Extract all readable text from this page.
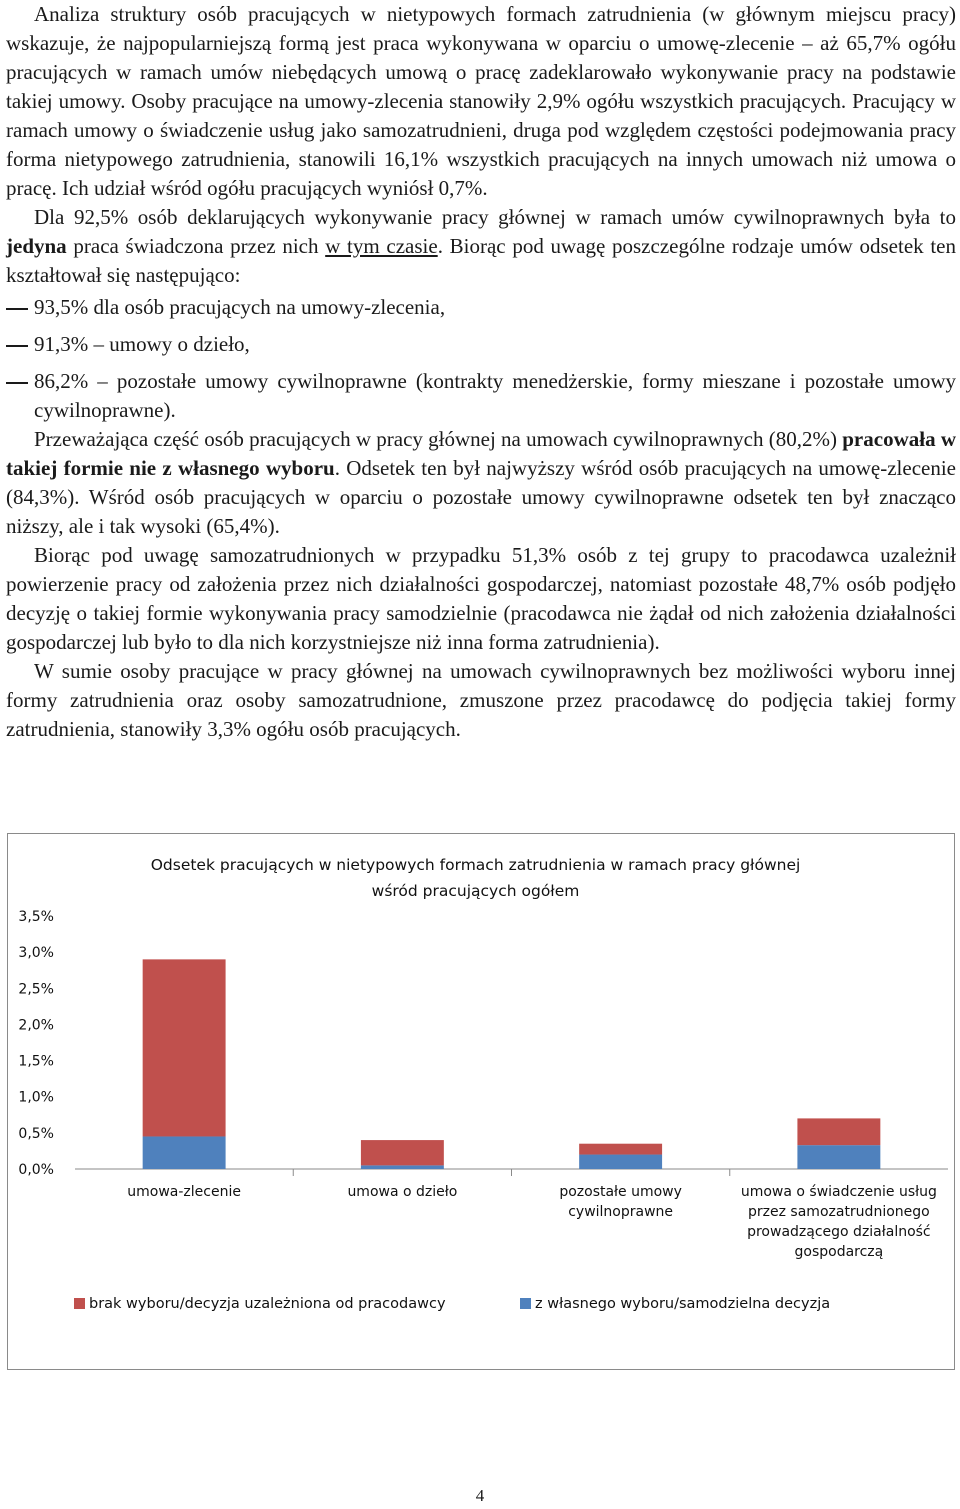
Analiza struktury osób pracujących w nietypowych formach zatrudnienia (w głównym miejscu pracy) wskazuje, że najpopularniejszą formą jest praca wykonywana w oparciu o umowę-zlecenie – aż 65,7% ogółu pracujących w ramach umów niebędących umową o pracę zadeklarowało wykonywanie pracy na podstawie takiej umowy. Osoby pracujące na umowy-zlecenia stanowiły 2,9% ogółu wszystkich pracujących. Pracujący w ramach umowy o świadczenie usług jako samozatrudnieni, druga pod względem częstości podejmowania pracy forma nietypowego zatrudnienia, stanowili 16,1% wszystkich pracujących na innych umowach niż umowa o pracę. Ich udział wśród ogółu pracujących wyniósł 0,7%.

Dla 92,5% osób deklarujących wykonywanie pracy głównej w ramach umów cywilnoprawnych była to jedyna praca świadczona przez nich w tym czasie. Biorąc pod uwagę poszczególne rodzaje umów odsetek ten kształtował się następująco:

93,5% dla osób pracujących na umowy-zlecenia,
91,3% – umowy o dzieło,
86,2% – pozostałe umowy cywilnoprawne (kontrakty menedżerskie, formy mieszane i pozostałe umowy cywilnoprawne).

Przeważająca część osób pracujących w pracy głównej na umowach cywilnoprawnych (80,2%) pracowała w takiej formie nie z własnego wyboru. Odsetek ten był najwyższy wśród osób pracujących na umowę-zlecenie (84,3%). Wśród osób pracujących w oparciu o pozostałe umowy cywilnoprawne odsetek ten był znacząco niższy, ale i tak wysoki (65,4%).

Biorąc pod uwagę samozatrudnionych w przypadku 51,3% osób z tej grupy to pracodawca uzależnił powierzenie pracy od założenia przez nich działalności gospodarczej, natomiast pozostałe 48,7% osób podjęło decyzję o takiej formie wykonywania pracy samodzielnie (pracodawca nie żądał od nich założenia działalności gospodarczej lub było to dla nich korzystniejsze niż inna forma zatrudnienia).

W sumie osoby pracujące w pracy głównej na umowach cywilnoprawnych bez możliwości wyboru innej formy zatrudnienia oraz osoby samozatrudnione, zmuszone przez pracodawcę do podjęcia takiej formy zatrudnienia, stanowiły 3,3% ogółu osób pracujących.

Odsetek pracujących w nietypowych formach zatrudnienia w ramach pracy głównej
wśród pracujących ogółem
0,0%
0,5%
1,0%
1,5%
2,0%
2,5%
3,0%
3,5%
umowa-zlecenie	umowa o dzieło	pozostałe umowy
cywilnoprawne
umowa o świadczenie usług
przez samozatrudnionego
prowadzącego działalność
gospodarczą
brak wyboru/decyzja uzależniona od pracodawcy	z własnego wyboru/samodzielna decyzja
4
